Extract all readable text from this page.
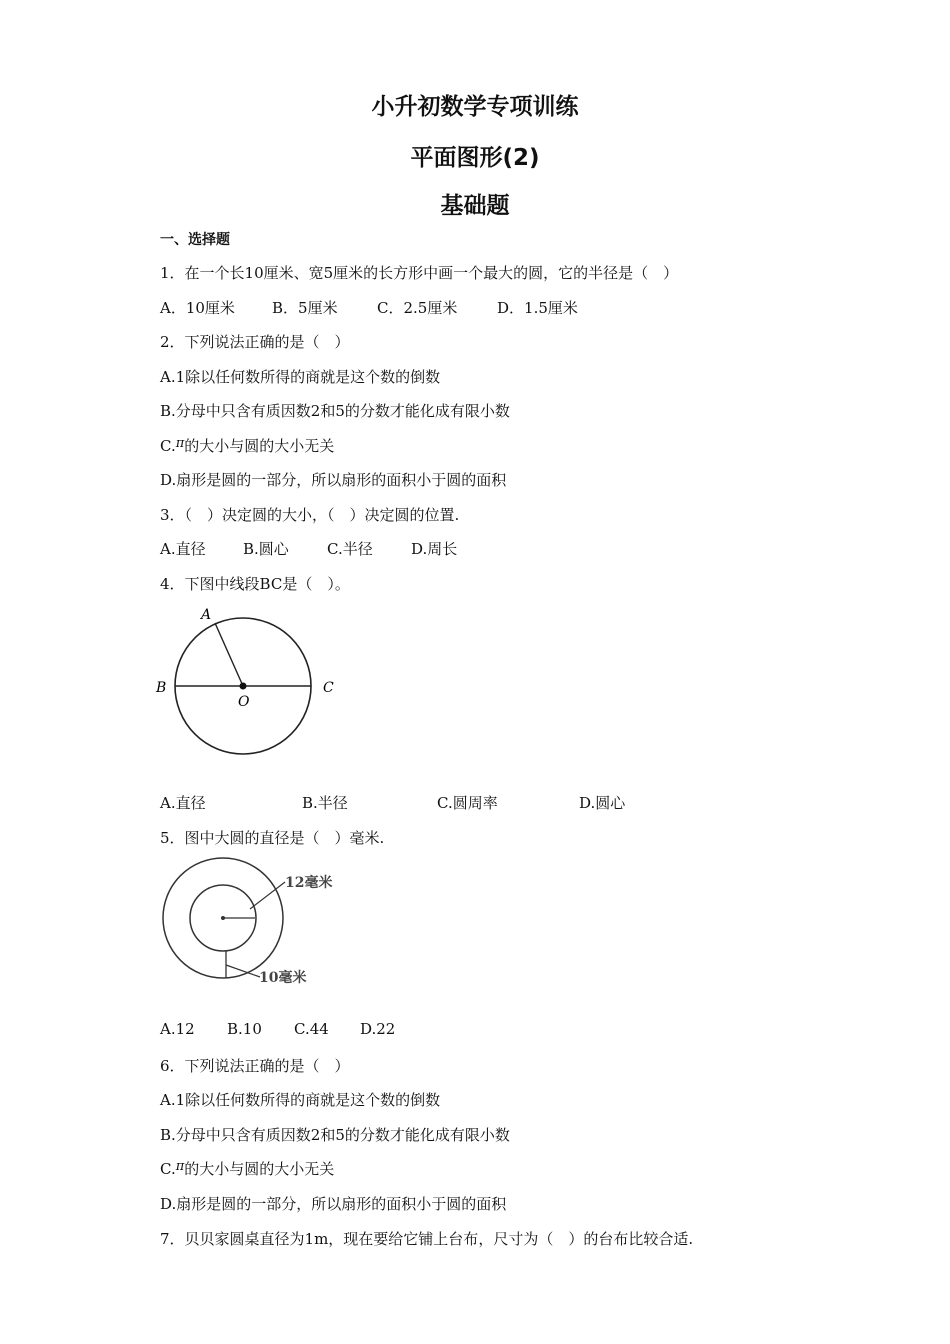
小升初数学专项训练
平面图形(2)
基础题
一、选择题
1．在一个长10厘米、宽5厘米的长方形中画一个最大的圆，它的半径是（　）
A．10厘米 B．5厘米	C．2.5厘米	D．1.5厘米
2．下列说法正确的是（　）
A.1除以任何数所得的商就是这个数的倒数
B.分母中只含有质因数2和5的分数才能化成有限小数
C.π的大小与圆的大小无关
D.扇形是圆的一部分，所以扇形的面积小于圆的面积
3．（　）决定圆的大小，（　）决定圆的位置.
A.直径 B.圆心	C.半径	D.周长
4．下图中线段BC是（　）。
A
B	C
O
A.直径	B.半径	C.圆周率	D.圆心
5．图中大圆的直径是（　）毫米.
12毫米
10毫米
A.12 B.10 C.44 D.22
6．下列说法正确的是（　）
A.1除以任何数所得的商就是这个数的倒数
B.分母中只含有质因数2和5的分数才能化成有限小数
C.π的大小与圆的大小无关
D.扇形是圆的一部分，所以扇形的面积小于圆的面积
7．贝贝家圆桌直径为1m，现在要给它铺上台布，尺寸为（　）的台布比较合适.
